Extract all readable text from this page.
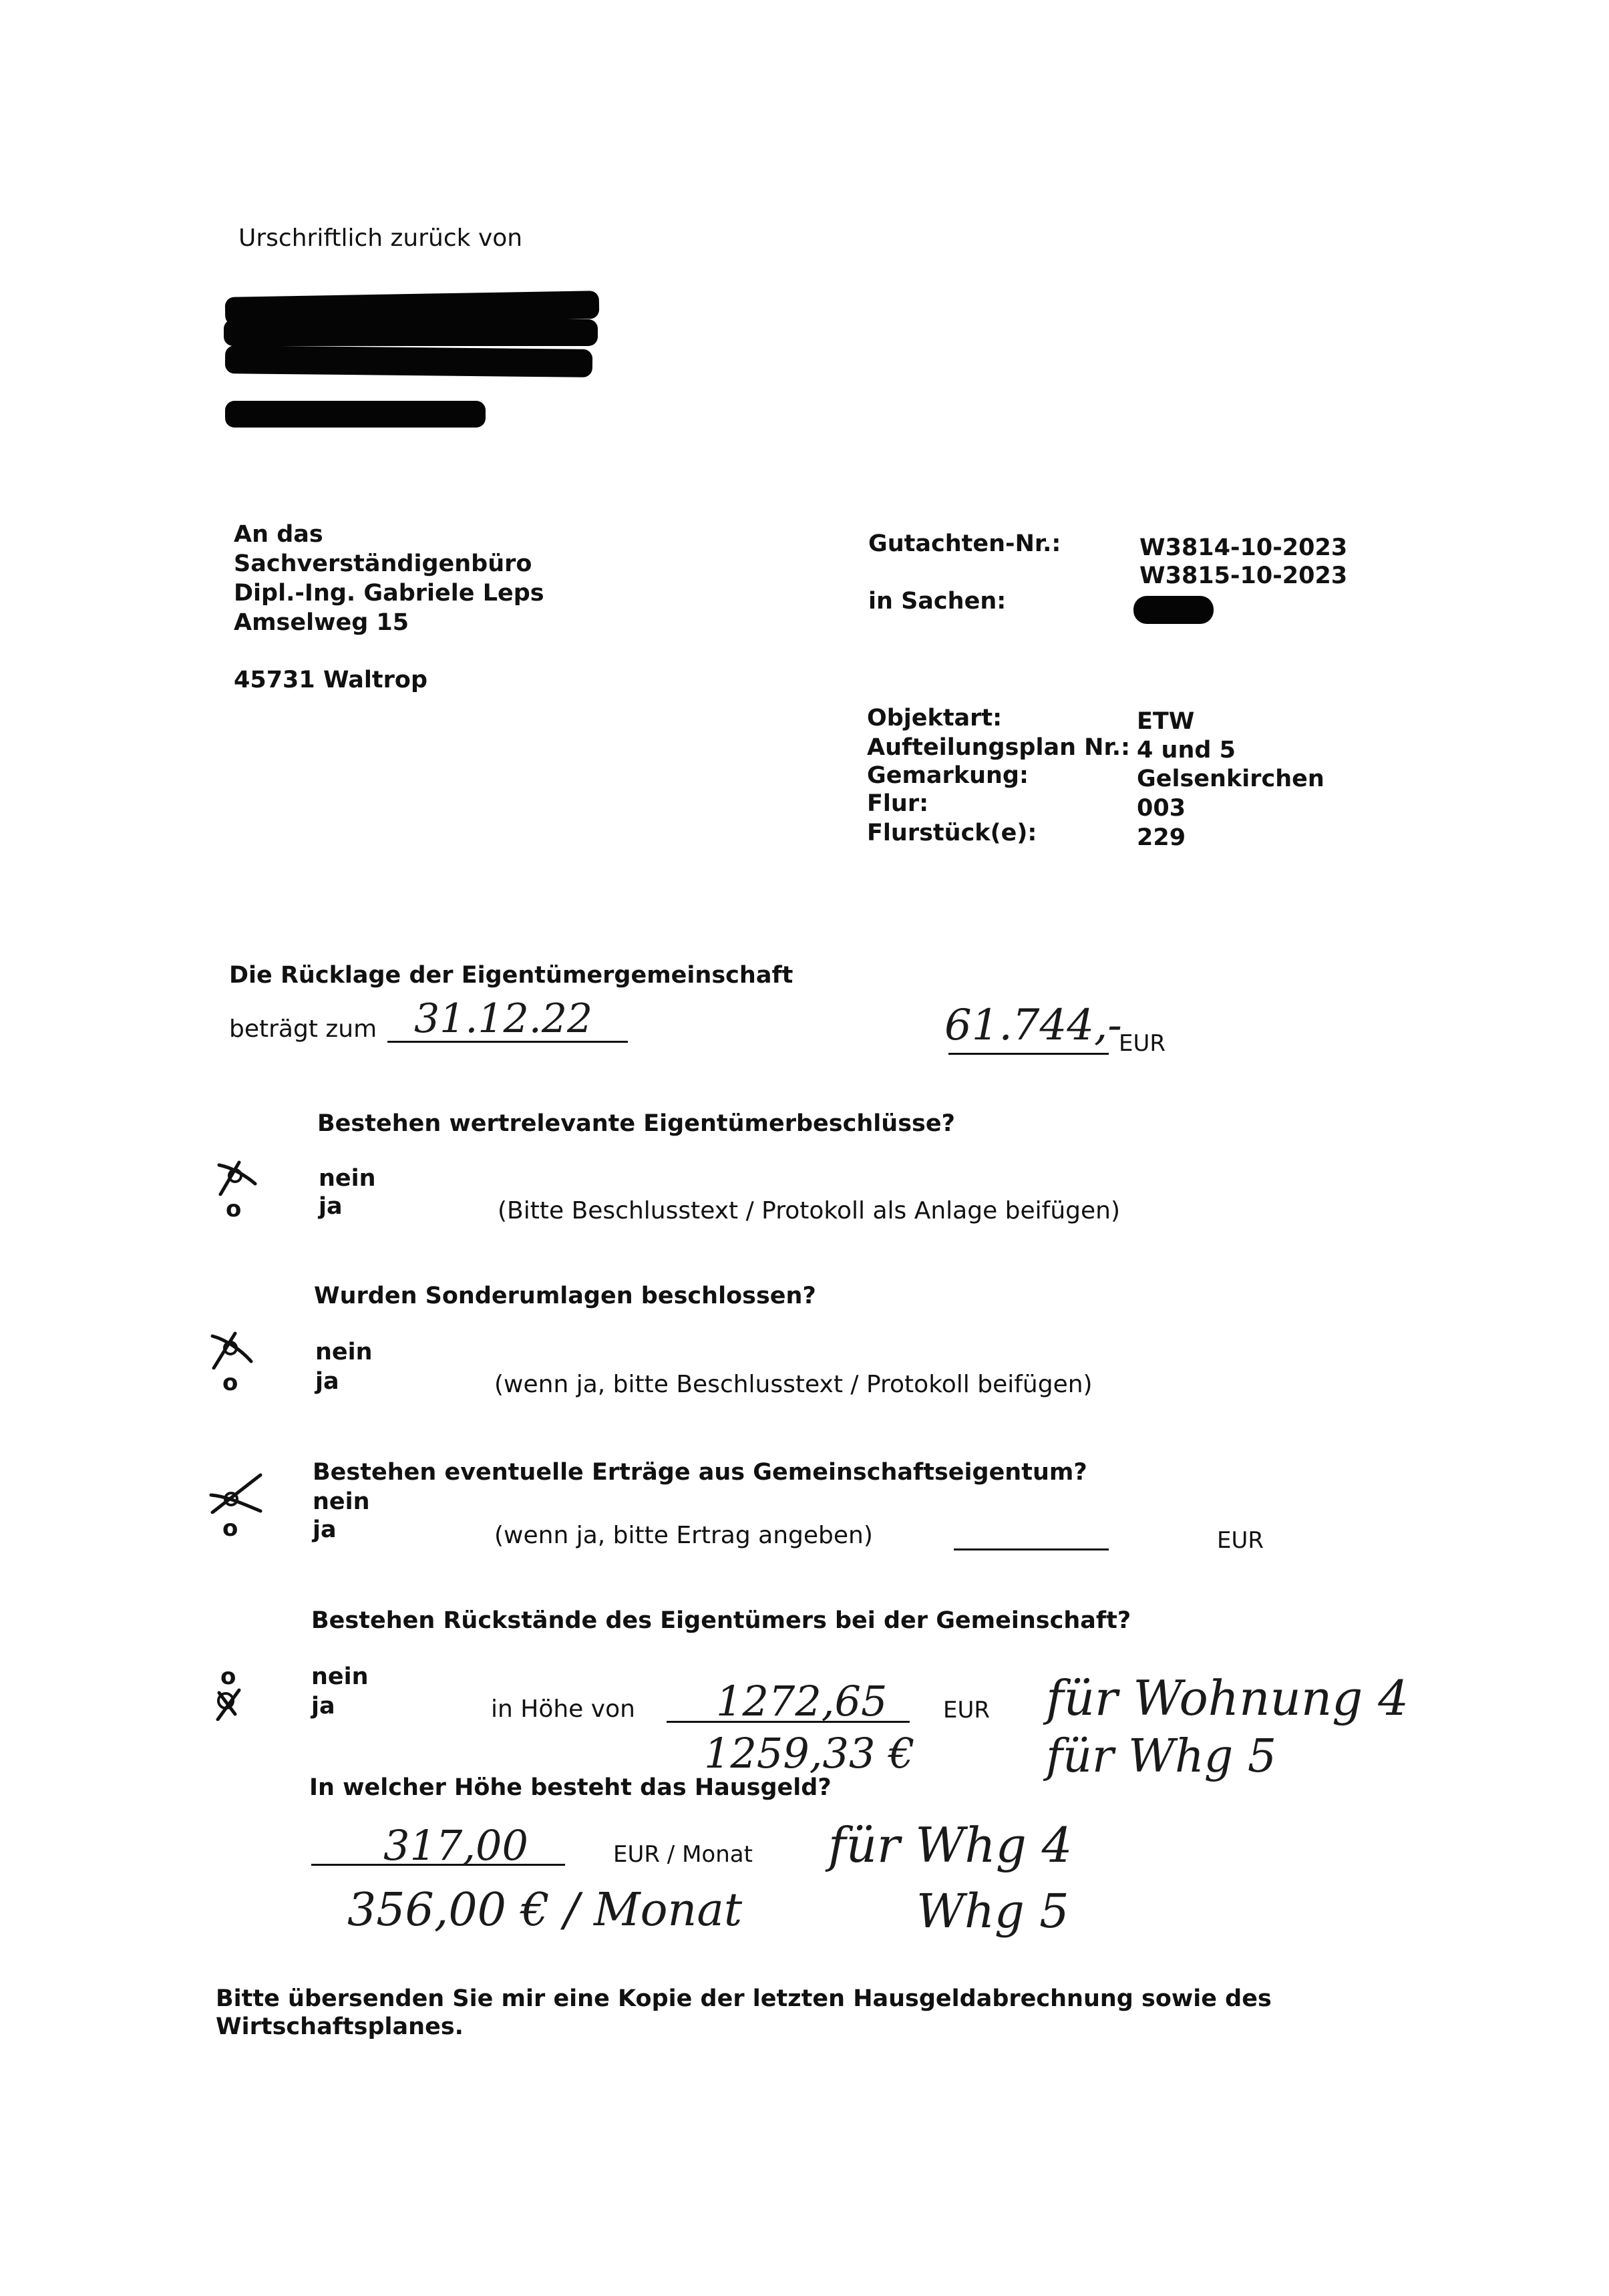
Urschriftlich zurück von
An das
Sachverständigenbüro
Dipl.-Ing. Gabriele Leps
Amselweg 15
45731 Waltrop
Gutachten-Nr.:	W3814-10-2023
W3815-10-2023
in Sachen:
Objektart:	ETW
Aufteilungsplan Nr.: 4 und 5
Gemarkung:	Gelsenkirchen
Flur:	003
Flurstück(e):	229
Die Rücklage der Eigentümergemeinschaft
beträgt zum 31.12.22	61.744,-
EUR
Bestehen wertrelevante Eigentümerbeschlüsse?
nein
o	ja	(Bitte Beschlusstext / Protokoll als Anlage beifügen)
Wurden Sonderumlagen beschlossen?
nein
o	ja	(wenn ja, bitte Beschlusstext / Protokoll beifügen)
Bestehen eventuelle Erträge aus Gemeinschaftseigentum?
nein
o	ja	(wenn ja, bitte Ertrag angeben)	EUR
Bestehen Rückstände des Eigentümers bei der Gemeinschaft?
o	nein
ja	in Höhe von 1272,65 EUR für Wohnung 4
1259,33 €	für Whg 5
In welcher Höhe besteht das Hausgeld?
317,00	EUR / Monat für Whg 4
356,00 € / Monat	Whg 5
Bitte übersenden Sie mir eine Kopie der letzten Hausgeldabrechnung sowie des
Wirtschaftsplanes.
